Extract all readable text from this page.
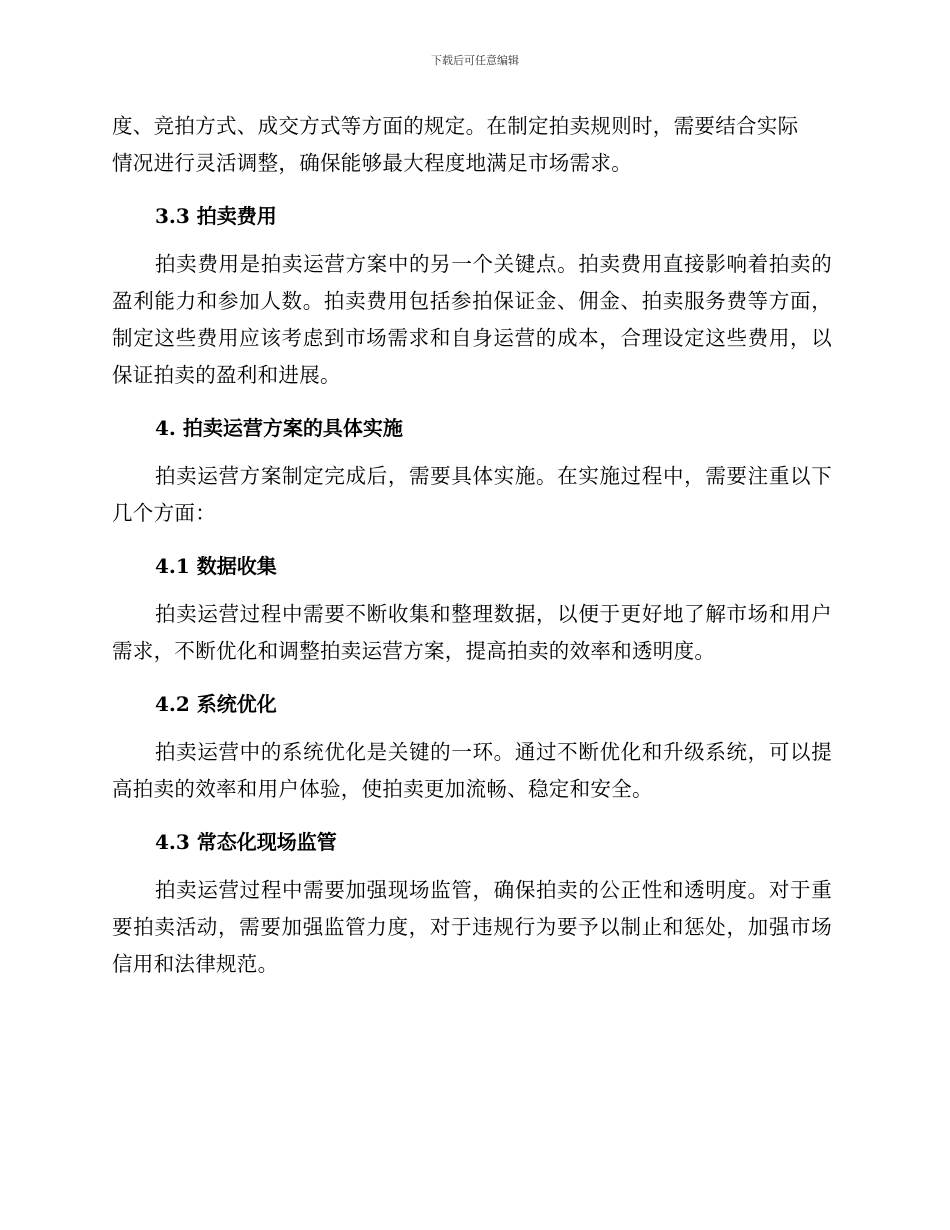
下载后可任意编辑

度、竞拍方式、成交方式等方面的规定。在制定拍卖规则时，需要结合实际

情况进行灵活调整，确保能够最大程度地满足市场需求。

3.3 拍卖费用

拍卖费用是拍卖运营方案中的另一个关键点。拍卖费用直接影响着拍卖的盈利能力和参加人数。拍卖费用包括参拍保证金、佣金、拍卖服务费等方面，制定这些费用应该考虑到市场需求和自身运营的成本，合理设定这些费用，以保证拍卖的盈利和进展。

4. 拍卖运营方案的具体实施

拍卖运营方案制定完成后，需要具体实施。在实施过程中，需要注重以下几个方面：

4.1 数据收集

拍卖运营过程中需要不断收集和整理数据，以便于更好地了解市场和用户需求，不断优化和调整拍卖运营方案，提高拍卖的效率和透明度。

4.2 系统优化

拍卖运营中的系统优化是关键的一环。通过不断优化和升级系统，可以提高拍卖的效率和用户体验，使拍卖更加流畅、稳定和安全。

4.3 常态化现场监管

拍卖运营过程中需要加强现场监管，确保拍卖的公正性和透明度。对于重要拍卖活动，需要加强监管力度，对于违规行为要予以制止和惩处，加强市场信用和法律规范。
